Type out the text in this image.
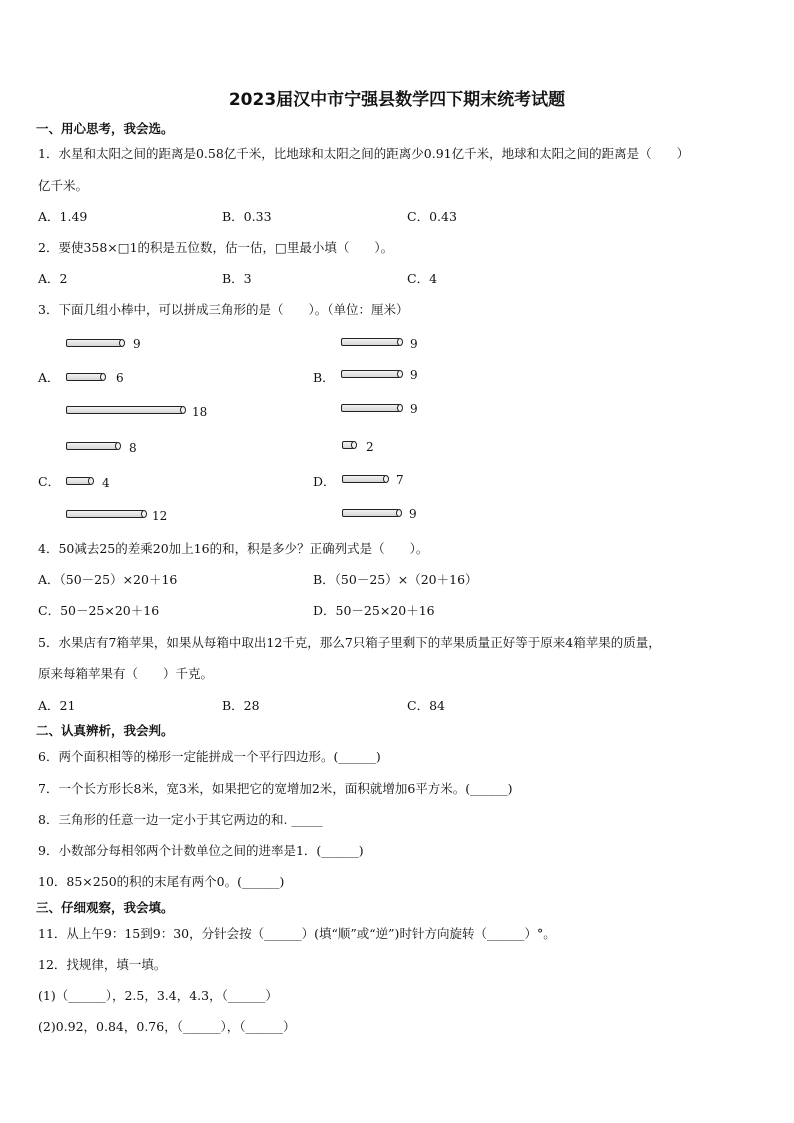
2023届汉中市宁强县数学四下期末统考试题
一、用心思考，我会选。
1．水星和太阳之间的距离是0.58亿千米，比地球和太阳之间的距离少0.91亿千米，地球和太阳之间的距离是（　　）
亿千米。
A．1.49	B．0.33	C．0.43
2．要使358×□1的积是五位数，估一估，□里最小填（　　）。
A．2	B．3	C．4
3．下面几组小棒中，可以拼成三角形的是（　　）。（单位：厘米）
9
A．	6
18
9
B．	9
9
8
C．	4
12
2
D．	7
9
4．50减去25的差乘20加上16的和，积是多少？正确列式是（　　）。
A．（50－25）×20＋16	B．（50－25）×（20＋16）
C．50－25×20＋16	D．50－25×20＋16
5．水果店有7箱苹果，如果从每箱中取出12千克，那么7只箱子里剩下的苹果质量正好等于原来4箱苹果的质量，
原来每箱苹果有（　　）千克。
A．21	B．28	C．84
二、认真辨析，我会判。
6．两个面积相等的梯形一定能拼成一个平行四边形。(______)
7．一个长方形长8米，宽3米，如果把它的宽增加2米，面积就增加6平方米。(______)
8．三角形的任意一边一定小于其它两边的和. _____
9．小数部分每相邻两个计数单位之间的进率是1．(______)
10．85×250的积的末尾有两个0。(______)
三、仔细观察，我会填。
11．从上午9：15到9：30，分针会按（______）(填“顺”或“逆”)时针方向旋转（______）°。
12．找规律，填一填。
(1)（______），2.5，3.4，4.3，（______）
(2)0.92，0.84，0.76，（______），（______）
